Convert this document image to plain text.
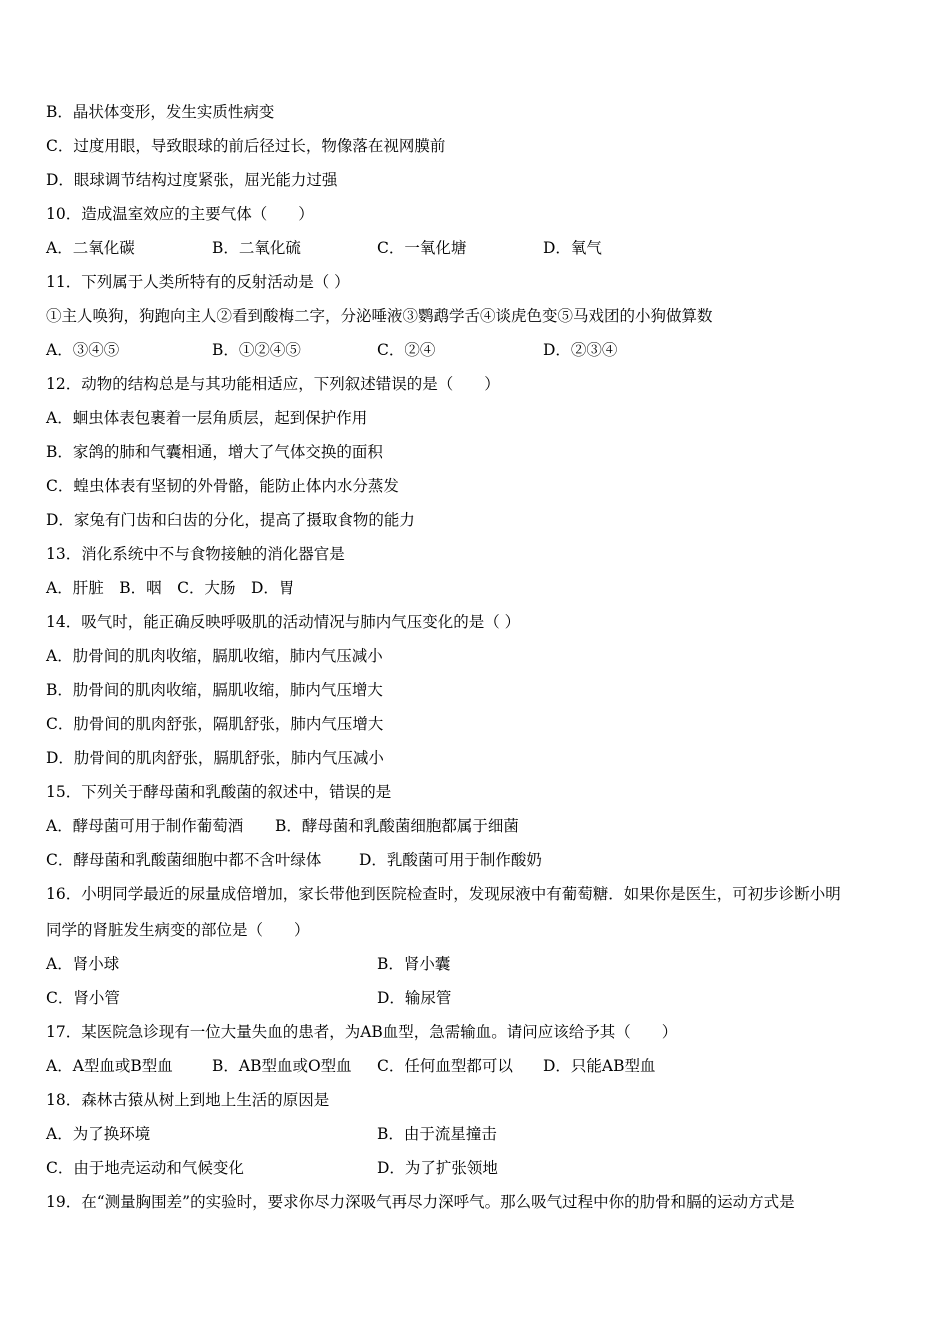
B．晶状体变形，发生实质性病变
C．过度用眼，导致眼球的前后径过长，物像落在视网膜前
D．眼球调节结构过度紧张，屈光能力过强
10．造成温室效应的主要气体（　　）
A．二氧化碳	B．二氧化硫	C．一氧化塘	D．氧气
11．下列属于人类所特有的反射活动是（ ）
①主人唤狗，狗跑向主人②看到酸梅二字，分泌唾液③鹦鹉学舌④谈虎色变⑤马戏团的小狗做算数
A．③④⑤	B．①②④⑤	C．②④	D．②③④
12．动物的结构总是与其功能相适应，下列叙述错误的是（　　）
A．蛔虫体表包裹着一层角质层，起到保护作用
B．家鸽的肺和气囊相通，增大了气体交换的面积
C．蝗虫体表有坚韧的外骨骼，能防止体内水分蒸发
D．家兔有门齿和臼齿的分化，提高了摄取食物的能力
13．消化系统中不与食物接触的消化器官是
A．肝脏　B．咽　C．大肠　D．胃
14．吸气时，能正确反映呼吸肌的活动情况与肺内气压变化的是（ ）
A．肋骨间的肌肉收缩，膈肌收缩，肺内气压减小
B．肋骨间的肌肉收缩，膈肌收缩，肺内气压增大
C．肋骨间的肌肉舒张，隔肌舒张，肺内气压增大
D．肋骨间的肌肉舒张，膈肌舒张，肺内气压减小
15．下列关于酵母菌和乳酸菌的叙述中，错误的是
A．酵母菌可用于制作葡萄酒 B．酵母菌和乳酸菌细胞都属于细菌
C．酵母菌和乳酸菌细胞中都不含叶绿体 D．乳酸菌可用于制作酸奶
16．小明同学最近的尿量成倍增加，家长带他到医院检查时，发现尿液中有葡萄糖．如果你是医生，可初步诊断小明
同学的肾脏发生病变的部位是（　　）
A．肾小球	B．肾小囊
C．肾小管	D．输尿管
17．某医院急诊现有一位大量失血的患者，为AB血型，急需输血。请问应该给予其（　　）
A．A型血或B型血	B．AB型血或O型血 C．任何血型都可以 D．只能AB型血
18．森林古猿从树上到地上生活的原因是
A．为了换环境	B．由于流星撞击
C．由于地壳运动和气候变化	D．为了扩张领地
19．在“测量胸围差”的实验时，要求你尽力深吸气再尽力深呼气。那么吸气过程中你的肋骨和膈的运动方式是
